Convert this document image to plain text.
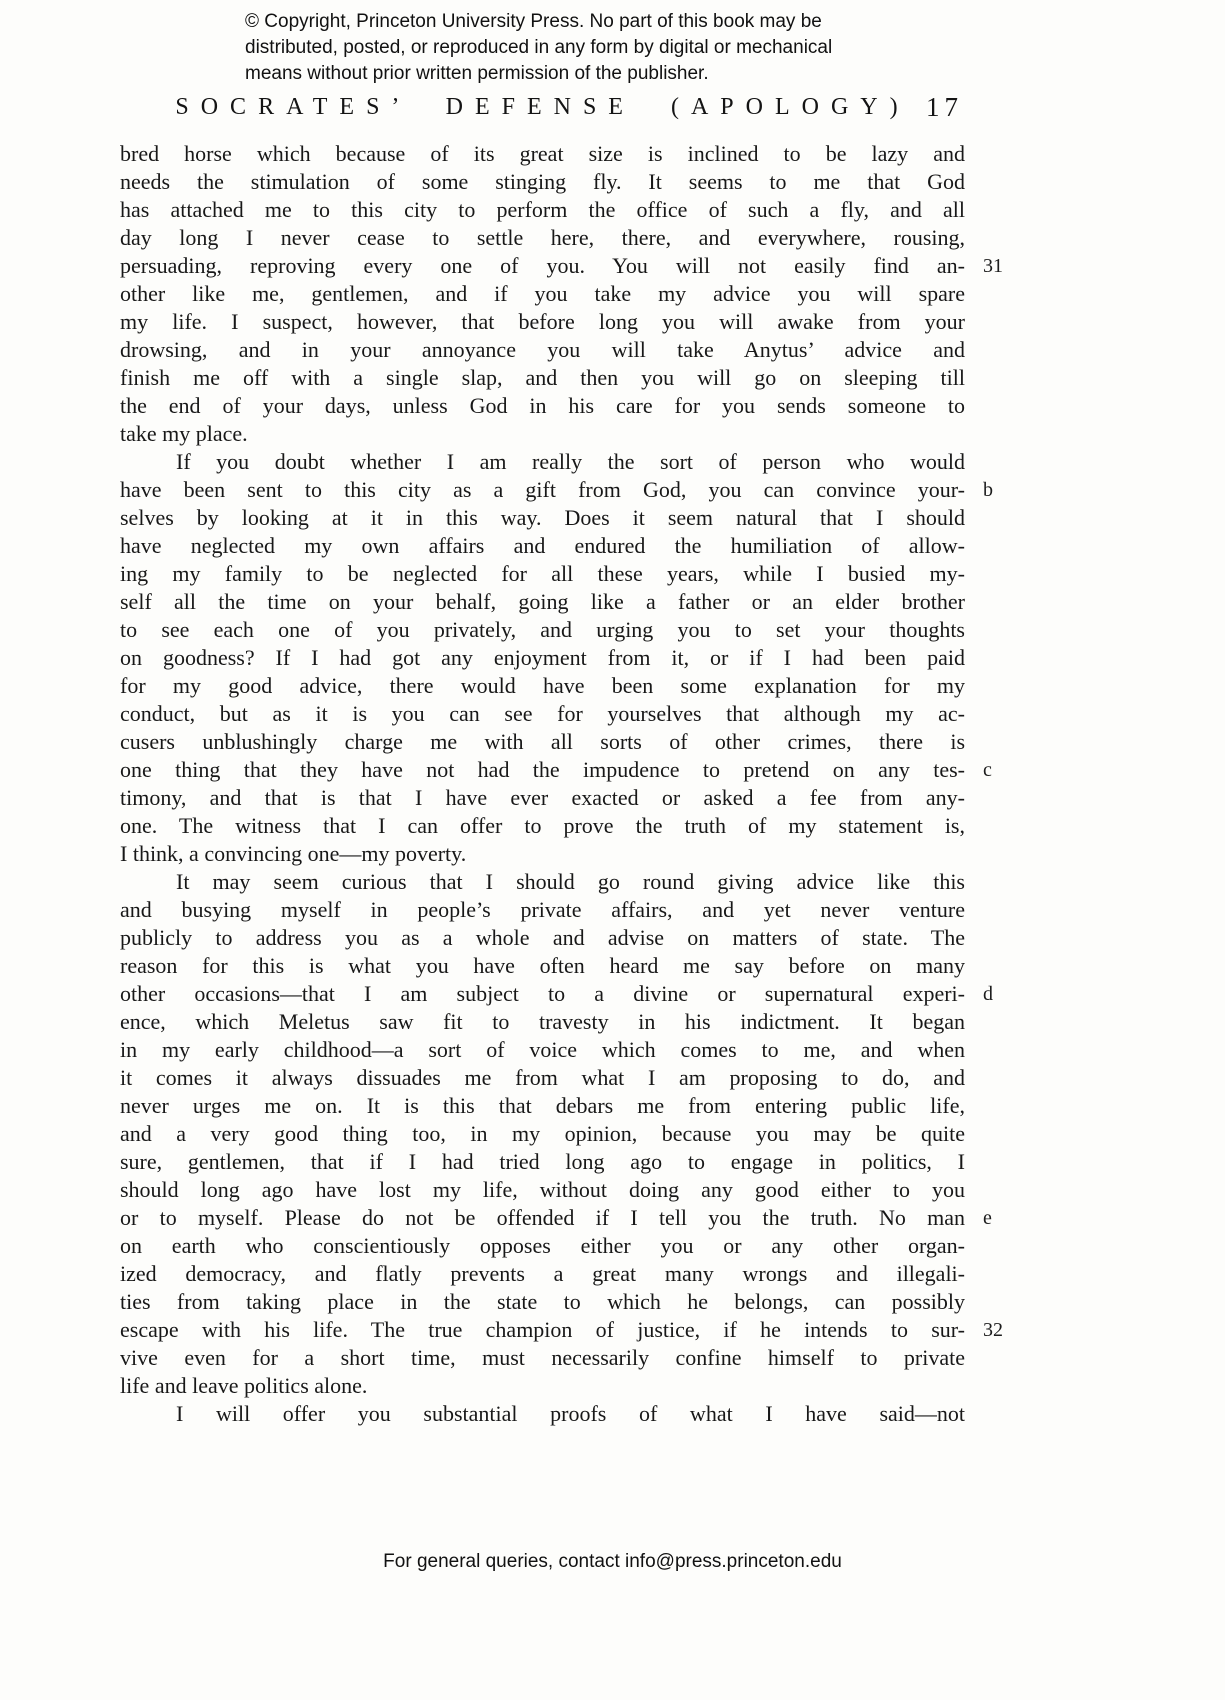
© Copyright, Princeton University Press. No part of this book may be
distributed, posted, or reproduced in any form by digital or mechanical
means without prior written permission of the publisher.
SOCRATES’ DEFENSE (APOLOGY) 17
bred horse which because of its great size is inclined to be lazy and
needs the stimulation of some stinging fly. It seems to me that God
has attached me to this city to perform the office of such a fly, and all
day long I never cease to settle here, there, and everywhere, rousing,
persuading, reproving every one of you. You will not easily find an- 31
other like me, gentlemen, and if you take my advice you will spare
my life. I suspect, however, that before long you will awake from your
drowsing, and in your annoyance you will take Anytus’ advice and
finish me off with a single slap, and then you will go on sleeping till
the end of your days, unless God in his care for you sends someone to
take my place.
If you doubt whether I am really the sort of person who would
have been sent to this city as a gift from God, you can convince your- b
selves by looking at it in this way. Does it seem natural that I should
have neglected my own affairs and endured the humiliation of allow-
ing my family to be neglected for all these years, while I busied my-
self all the time on your behalf, going like a father or an elder brother
to see each one of you privately, and urging you to set your thoughts
on goodness? If I had got any enjoyment from it, or if I had been paid
for my good advice, there would have been some explanation for my
conduct, but as it is you can see for yourselves that although my ac-
cusers unblushingly charge me with all sorts of other crimes, there is
one thing that they have not had the impudence to pretend on any tes- c
timony, and that is that I have ever exacted or asked a fee from any-
one. The witness that I can offer to prove the truth of my statement is,
I think, a convincing one—my poverty.
It may seem curious that I should go round giving advice like this
and busying myself in people’s private affairs, and yet never venture
publicly to address you as a whole and advise on matters of state. The
reason for this is what you have often heard me say before on many
other occasions—that I am subject to a divine or supernatural experi- d
ence, which Meletus saw fit to travesty in his indictment. It began
in my early childhood—a sort of voice which comes to me, and when
it comes it always dissuades me from what I am proposing to do, and
never urges me on. It is this that debars me from entering public life,
and a very good thing too, in my opinion, because you may be quite
sure, gentlemen, that if I had tried long ago to engage in politics, I
should long ago have lost my life, without doing any good either to you
or to myself. Please do not be offended if I tell you the truth. No man e
on earth who conscientiously opposes either you or any other organ-
ized democracy, and flatly prevents a great many wrongs and illegali-
ties from taking place in the state to which he belongs, can possibly
escape with his life. The true champion of justice, if he intends to sur- 32
vive even for a short time, must necessarily confine himself to private
life and leave politics alone.
I will offer you substantial proofs of what I have said—not
For general queries, contact info@press.princeton.edu
